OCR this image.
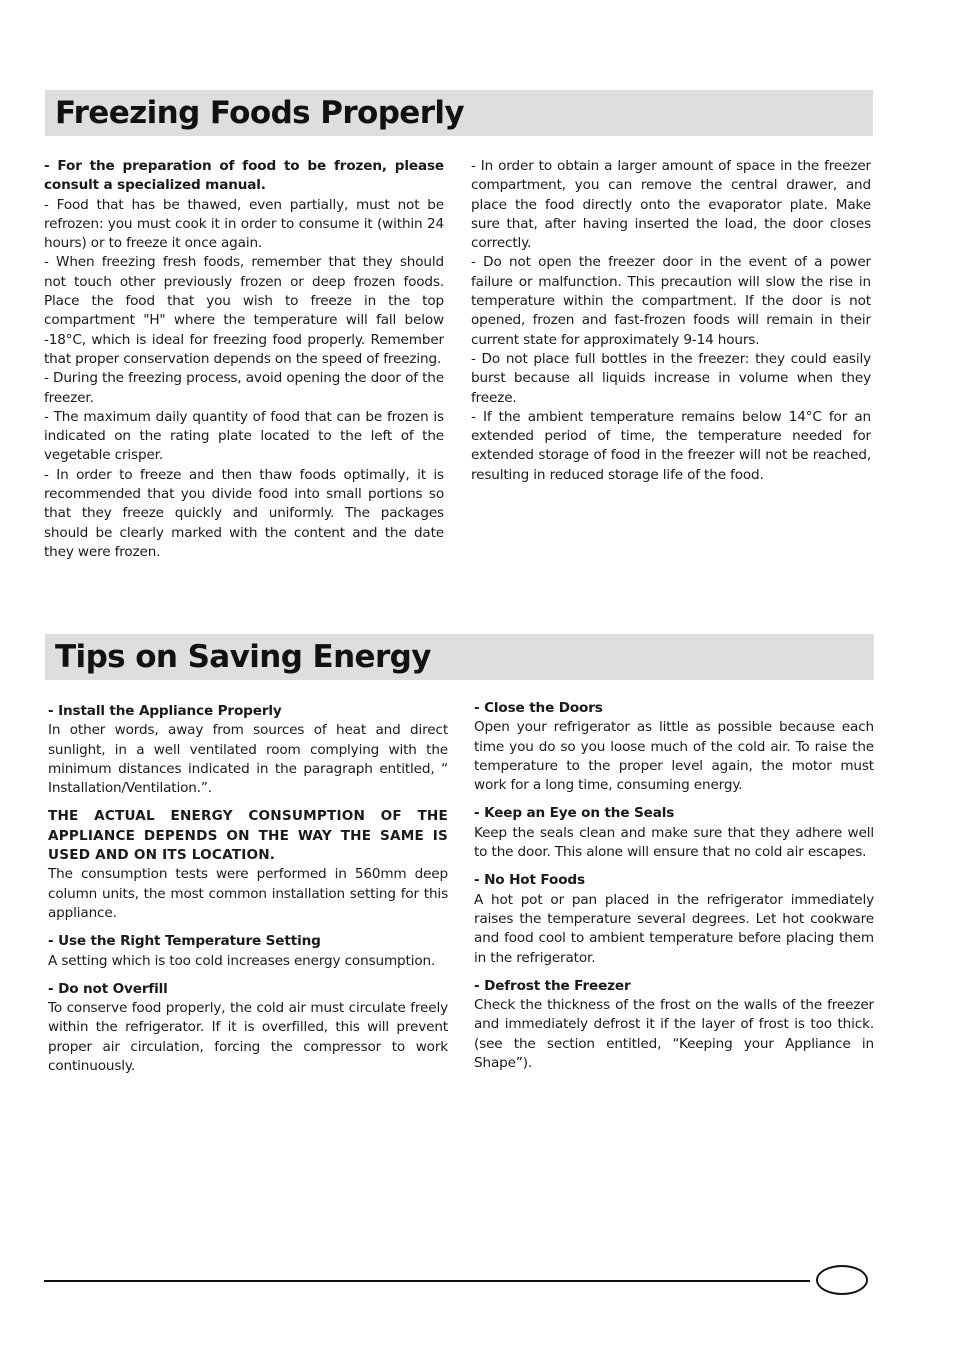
Freezing Foods Properly

- For the preparation of food to be frozen, please consult a specialized manual.

- Food that has be thawed, even partially, must not be refrozen: you must cook it in order to consume it (within 24 hours) or to freeze it once again.

- When freezing fresh foods, remember that they should not touch other previously frozen or deep frozen foods. Place the food that you wish to freeze in the top compartment "H" where the temperature will fall below -18°C, which is ideal for freezing food properly. Remember that proper conservation depends on the speed of freezing.

- During the freezing process, avoid opening the door of the freezer.

- The maximum daily quantity of food that can be frozen is indicated on the rating plate located to the left of the vegetable crisper.

- In order to freeze and then thaw foods optimally, it is recommended that you divide food into small portions so that they freeze quickly and uniformly. The packages should be clearly marked with the content and the date they were frozen.

- In order to obtain a larger amount of space in the freezer compartment, you can remove the central drawer, and place the food directly onto the evaporator plate. Make sure that, after having inserted the load, the door closes correctly.

- Do not open the freezer door in the event of a power failure or malfunction. This precaution will slow the rise in temperature within the compartment. If the door is not opened, frozen and fast-frozen foods will remain in their current state for approximately 9-14 hours.

- Do not place full bottles in the freezer: they could easily burst because all liquids increase in volume when they freeze.

- If the ambient temperature remains below 14°C for an extended period of time, the temperature needed for extended storage of food in the freezer will not be reached, resulting in reduced storage life of the food.

Tips on Saving Energy

- Install the Appliance Properly

In other words, away from sources of heat and direct sunlight, in a well ventilated room complying with the minimum distances indicated in the paragraph entitled, “ Installation/Ventilation.”.

THE ACTUAL ENERGY CONSUMPTION OF THE APPLIANCE DEPENDS ON THE WAY THE SAME IS USED AND ON ITS LOCATION.

The consumption tests were performed in 560mm deep column units, the most common installation setting for this appliance.

- Use the Right Temperature Setting

A setting which is too cold increases energy consumption.

- Do not Overfill

To conserve food properly, the cold air must circulate freely within the refrigerator. If it is overfilled, this will prevent proper air circulation, forcing the compressor to work continuously.

- Close the Doors

Open your refrigerator as little as possible because each time you do so you loose much of the cold air. To raise the temperature to the proper level again, the motor must work for a long time, consuming energy.

- Keep an Eye on the Seals

Keep the seals clean and make sure that they adhere well to the door. This alone will ensure that no cold air escapes.

- No Hot Foods

A hot pot or pan placed in the refrigerator immediately raises the temperature several degrees. Let hot cookware and food cool to ambient temperature before placing them in the refrigerator.

- Defrost the Freezer

Check the thickness of the frost on the walls of the freezer and immediately defrost it if the layer of frost is too thick. (see the section entitled, “Keeping your Appliance in Shape”).
